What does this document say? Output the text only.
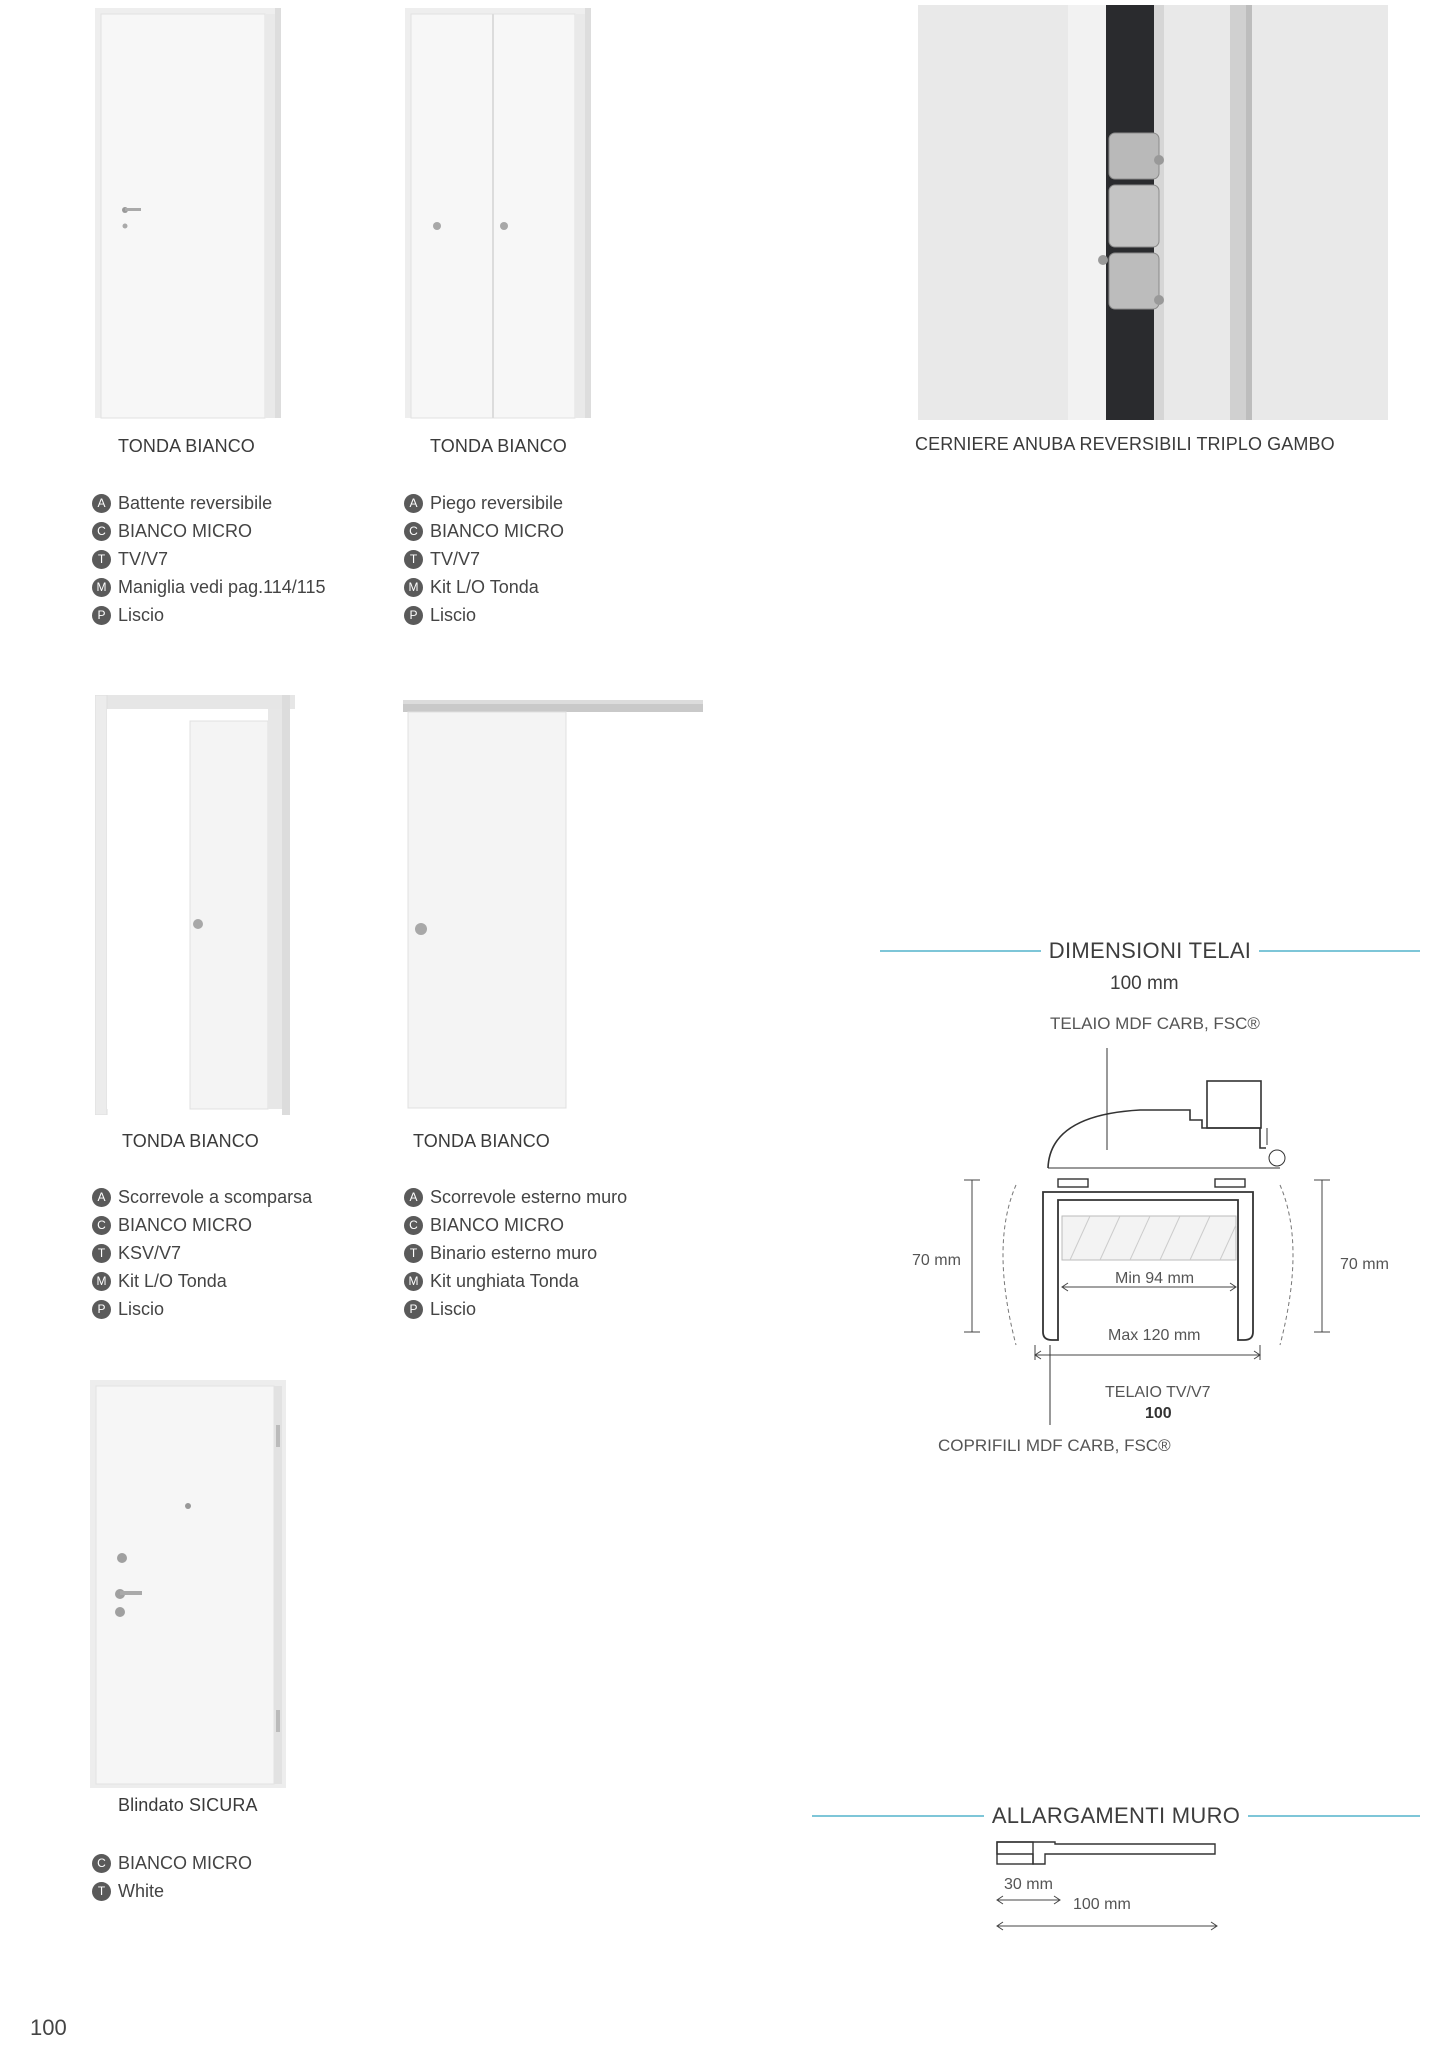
TONDA BIANCO
A Battente reversibile
C BIANCO MICRO
T TV/V7
M Maniglia vedi pag.114/115
P Liscio
TONDA BIANCO
A Piego reversibile
C BIANCO MICRO
T TV/V7
M Kit L/O Tonda
P Liscio
CERNIERE ANUBA REVERSIBILI TRIPLO GAMBO
TONDA BIANCO
A Scorrevole a scomparsa
C BIANCO MICRO
T KSV/V7
M Kit L/O Tonda
P Liscio
TONDA BIANCO
A Scorrevole esterno muro
C BIANCO MICRO
T Binario esterno muro
M Kit unghiata Tonda
P Liscio
Blindato SICURA
C BIANCO MICRO
T White
DIMENSIONI TELAI
100 mm
TELAIO MDF CARB, FSC®
70 mm	70 mm
Min 94 mm
Max 120 mm
TELAIO TV/V7
100
COPRIFILI MDF CARB, FSC®
ALLARGAMENTI MURO
30 mm
100 mm
100
